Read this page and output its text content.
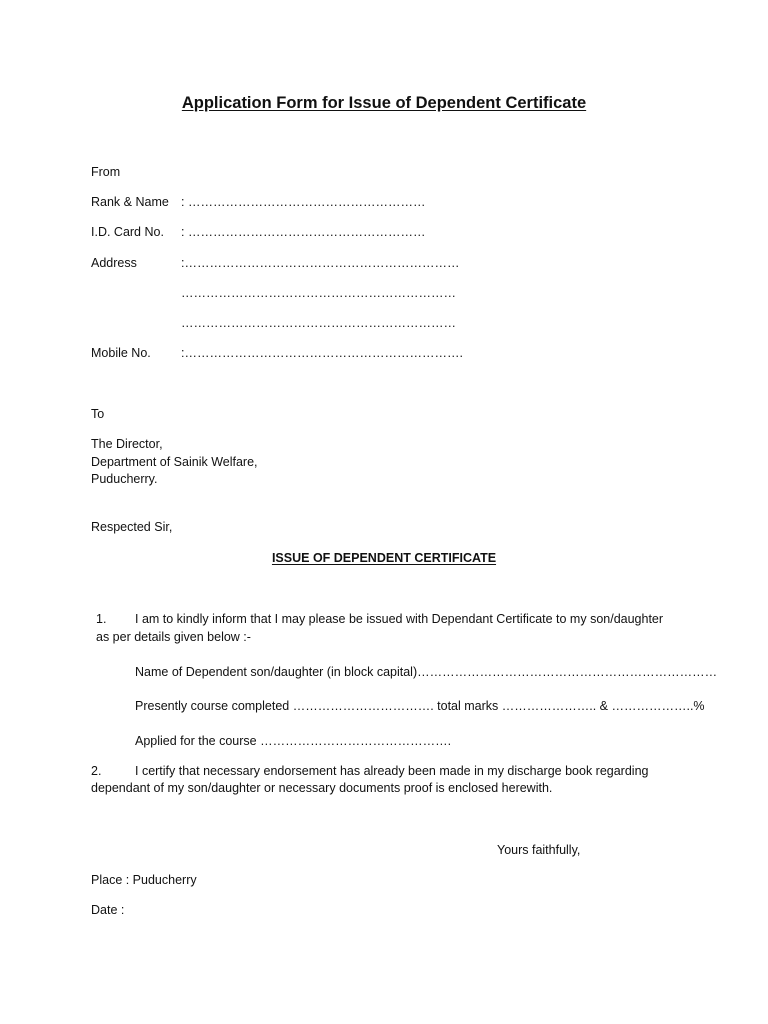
Application Form for Issue of Dependent Certificate
From
Rank & Name : …………………………………………………
I.D. Card No. : …………………………………………………
Address	:…………………………………………………………
…………………………………………………………
…………………………………………………………
Mobile No. :………………………………………………………….
To
The Director,
Department of Sainik Welfare,
Puducherry.
Respected Sir,
ISSUE OF DEPENDENT CERTIFICATE
1. I am to kindly inform that I may please be issued with Dependant Certificate to my son/daughter
as per details given below :-
Name of Dependent son/daughter (in block capital)………………………………………………………………
Presently course completed ……………………………. total marks ………………….. & ………………..%
Applied for the course ……………………………………….
2.	I certify that necessary endorsement has already been made in my discharge book regarding
dependant of my son/daughter or necessary documents proof is enclosed herewith.
Yours faithfully,
Place : Puducherry
Date :
